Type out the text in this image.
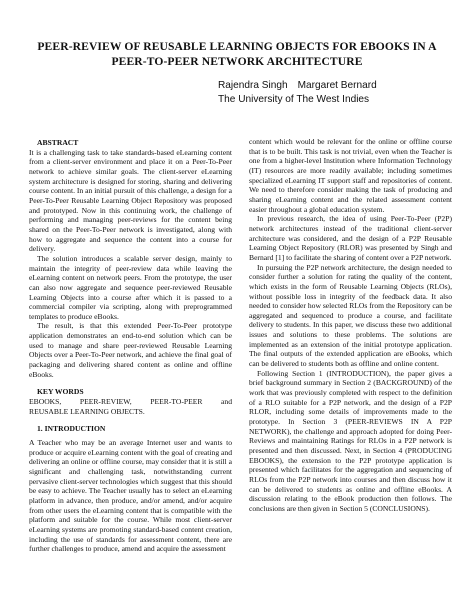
PEER-REVIEW OF REUSABLE LEARNING OBJECTS FOR EBOOKS IN A
PEER-TO-PEER NETWORK ARCHITECTURE
Rajendra Singh Margaret Bernard
The University of The West Indies

ABSTRACT

It is a challenging task to take standards-based eLearning content from a client-server environment and place it on a Peer-To-Peer network to achieve similar goals. The client-server eLearning system architecture is designed for storing, sharing and delivering course content. In an initial pursuit of this challenge, a design for a Peer-To-Peer Reusable Learning Object Repository was proposed and prototyped. Now in this continuing work, the challenge of performing and managing peer-reviews for the content being shared on the Peer-To-Peer network is investigated, along with how to aggregate and sequence the content into a course for delivery.

The solution introduces a scalable server design, mainly to maintain the integrity of peer-review data while leaving the eLearning content on network peers. From the prototype, the user can also now aggregate and sequence peer-reviewed Reusable Learning Objects into a course after which it is passed to a commercial compiler via scripting, along with preprogrammed templates to produce eBooks.

The result, is that this extended Peer-To-Peer prototype application demonstrates an end-to-end solution which can be used to manage and share peer-reviewed Reusable Learning Objects over a Peer-To-Peer network, and achieve the final goal of packaging and delivering shared content as online and offline eBooks.

KEY WORDS

EBOOKS, PEER-REVIEW, PEER-TO-PEER and
REUSABLE LEARNING OBJECTS.

1. INTRODUCTION

A Teacher who may be an average Internet user and wants to produce or acquire eLearning content with the goal of creating and delivering an online or offline course, may consider that it is still a significant and challenging task, notwithstanding current pervasive client-server technologies which suggest that this should be easy to achieve. The Teacher usually has to select an eLearning platform in advance, then produce, and/or amend, and/or acquire from other users the eLearning content that is compatible with the platform and suitable for the course. While most client-server eLearning systems are promoting standard-based content creation, including the use of standards for assessment content, there are further challenges to produce, amend and acquire the assessment

content which would be relevant for the online or offline course that is to be built. This task is not trivial, even when the Teacher is one from a higher-level Institution where Information Technology (IT) resources are more readily available; including sometimes specialized eLearning IT support staff and repositories of content. We need to therefore consider making the task of producing and sharing eLearning content and the related assessment content easier throughout a global education system.

In previous research, the idea of using Peer-To-Peer (P2P) network architectures instead of the traditional client-server architecture was considered, and the design of a P2P Reusable Learning Object Repository (RLOR) was presented by Singh and Bernard [1] to facilitate the sharing of content over a P2P network.

In pursuing the P2P network architecture, the design needed to consider further a solution for rating the quality of the content, which exists in the form of Reusable Learning Objects (RLOs), without possible loss in integrity of the feedback data. It also needed to consider how selected RLOs from the Repository can be aggregated and sequenced to produce a course, and facilitate delivery to students. In this paper, we discuss these two additional issues and solutions to these problems. The solutions are implemented as an extension of the initial prototype application. The final outputs of the extended application are eBooks, which can be delivered to students both as offline and online content.

Following Section 1 (INTRODUCTION), the paper gives a brief background summary in Section 2 (BACKGROUND) of the work that was previously completed with respect to the definition of a RLO suitable for a P2P network, and the design of a P2P RLOR, including some details of improvements made to the prototype. In Section 3 (PEER-REVIEWS IN A P2P NETWORK), the challenge and approach adopted for doing Peer-Reviews and maintaining Ratings for RLOs in a P2P network is presented and then discussed. Next, in Section 4 (PRODUCING EBOOKS), the extension to the P2P prototype application is presented which facilitates for the aggregation and sequencing of RLOs from the P2P network into courses and then discuss how it can be delivered to students as online and offline eBooks. A discussion relating to the eBook production then follows. The conclusions are then given in Section 5 (CONCLUSIONS).
